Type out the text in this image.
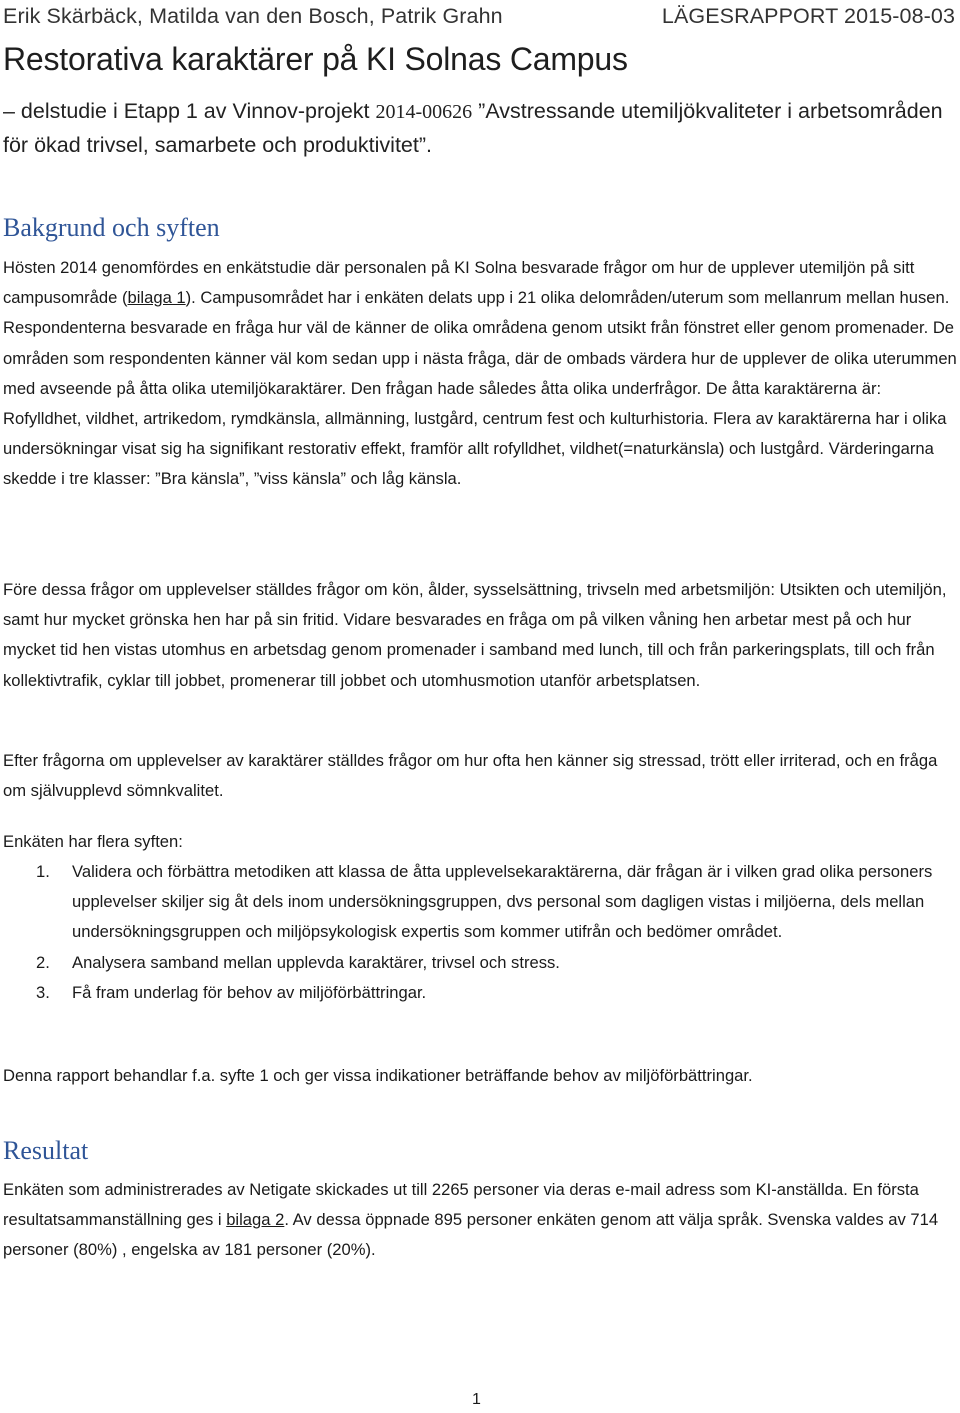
Erik Skärbäck, Matilda van den Bosch, Patrik Grahn	LÄGESRAPPORT 2015-08-03
Restorativa karaktärer på KI Solnas Campus

– delstudie i Etapp 1 av Vinnov-projekt 2014-00626 ”Avstressande utemiljökvaliteter i arbetsområden för ökad trivsel, samarbete och produktivitet”.

Bakgrund och syften

Hösten 2014 genomfördes en enkätstudie där personalen på KI Solna besvarade frågor om hur de upplever utemiljön på sitt campusområde (bilaga 1). Campusområdet har i enkäten delats upp i 21 olika delområden/uterum som mellanrum mellan husen. Respondenterna besvarade en fråga hur väl de känner de olika områdena genom utsikt från fönstret eller genom promenader. De områden som respondenten känner väl kom sedan upp i nästa fråga, där de ombads värdera hur de upplever de olika uterummen med avseende på åtta olika utemiljökaraktärer. Den frågan hade således åtta olika underfrågor. De åtta karaktärerna är: Rofylldhet, vildhet, artrikedom, rymdkänsla, allmänning, lustgård, centrum fest och kulturhistoria. Flera av karaktärerna har i olika undersökningar visat sig ha signifikant restorativ effekt, framför allt rofylldhet, vildhet(=naturkänsla) och lustgård. Värderingarna skedde i tre klasser: ”Bra känsla”, ”viss känsla” och låg känsla.

Före dessa frågor om upplevelser ställdes frågor om kön, ålder, sysselsättning, trivseln med arbetsmiljön: Utsikten och utemiljön, samt hur mycket grönska hen har på sin fritid. Vidare besvarades en fråga om på vilken våning hen arbetar mest på och hur mycket tid hen vistas utomhus en arbetsdag genom promenader i samband med lunch, till och från parkeringsplats, till och från kollektivtrafik, cyklar till jobbet, promenerar till jobbet och utomhusmotion utanför arbetsplatsen.

Efter frågorna om upplevelser av karaktärer ställdes frågor om hur ofta hen känner sig stressad, trött eller irriterad, och en fråga om självupplevd sömnkvalitet.

Enkäten har flera syften:

1. Validera och förbättra metodiken att klassa de åtta upplevelsekaraktärerna, där frågan är i vilken grad olika personers upplevelser skiljer sig åt dels inom undersökningsgruppen, dvs personal som dagligen vistas i miljöerna, dels mellan undersökningsgruppen och miljöpsykologisk expertis som kommer utifrån och bedömer området.
2. Analysera samband mellan upplevda karaktärer, trivsel och stress.
3. Få fram underlag för behov av miljöförbättringar.

Denna rapport behandlar f.a. syfte 1 och ger vissa indikationer beträffande behov av miljöförbättringar.

Resultat

Enkäten som administrerades av Netigate skickades ut till 2265 personer via deras e-mail adress som KI-anställda. En första resultatsammanställning ges i bilaga 2. Av dessa öppnade 895 personer enkäten genom att välja språk. Svenska valdes av 714 personer (80%) , engelska av 181 personer (20%).

1
